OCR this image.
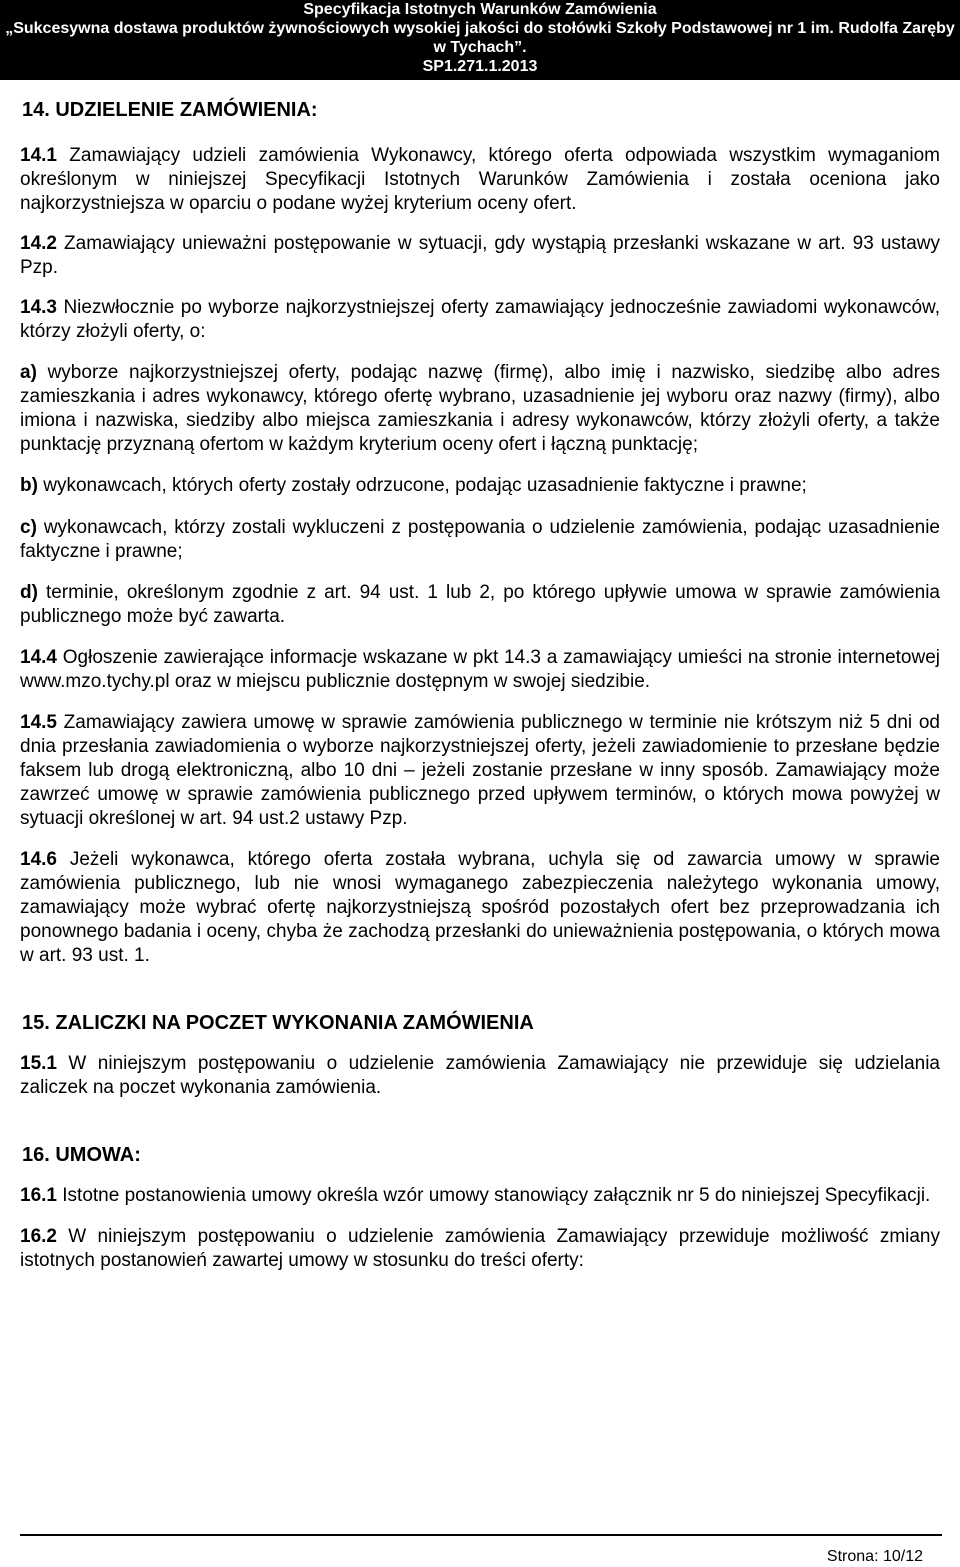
Specyfikacja Istotnych Warunków Zamówienia
„Sukcesywna dostawa produktów żywnościowych wysokiej jakości do stołówki Szkoły Podstawowej nr 1 im. Rudolfa Zaręby
w Tychach”.
SP1.271.1.2013
14. UDZIELENIE ZAMÓWIENIA:

14.1 Zamawiający udzieli zamówienia Wykonawcy, którego oferta odpowiada wszystkim wymaganiom określonym w niniejszej Specyfikacji Istotnych Warunków Zamówienia i została oceniona jako najkorzystniejsza w oparciu o podane wyżej kryterium oceny ofert.

14.2 Zamawiający unieważni postępowanie w sytuacji, gdy wystąpią przesłanki wskazane w art. 93 ustawy Pzp.

14.3 Niezwłocznie po wyborze najkorzystniejszej oferty zamawiający jednocześnie zawiadomi wykonawców, którzy złożyli oferty, o:

a) wyborze najkorzystniejszej oferty, podając nazwę (firmę), albo imię i nazwisko, siedzibę albo adres zamieszkania i adres wykonawcy, którego ofertę wybrano, uzasadnienie jej wyboru oraz nazwy (firmy), albo imiona i nazwiska, siedziby albo miejsca zamieszkania i adresy wykonawców, którzy złożyli oferty, a także punktację przyznaną ofertom w każdym kryterium oceny ofert i łączną punktację;

b) wykonawcach, których oferty zostały odrzucone, podając uzasadnienie faktyczne i prawne;

c) wykonawcach, którzy zostali wykluczeni z postępowania o udzielenie zamówienia, podając uzasadnienie faktyczne i prawne;

d) terminie, określonym zgodnie z art. 94 ust. 1 lub 2, po którego upływie umowa w sprawie zamówienia publicznego może być zawarta.

14.4 Ogłoszenie zawierające informacje wskazane w pkt 14.3 a zamawiający umieści na stronie internetowej www.mzo.tychy.pl oraz w miejscu publicznie dostępnym w swojej siedzibie.

14.5 Zamawiający zawiera umowę w sprawie zamówienia publicznego w terminie nie krótszym niż 5 dni od dnia przesłania zawiadomienia o wyborze najkorzystniejszej oferty, jeżeli zawiadomienie to przesłane będzie faksem lub drogą elektroniczną, albo 10 dni – jeżeli zostanie przesłane w inny sposób. Zamawiający może zawrzeć umowę w sprawie zamówienia publicznego przed upływem terminów, o których mowa powyżej w sytuacji określonej w art. 94 ust.2 ustawy Pzp.

14.6 Jeżeli wykonawca, którego oferta została wybrana, uchyla się od zawarcia umowy w sprawie zamówienia publicznego, lub nie wnosi wymaganego zabezpieczenia należytego wykonania umowy, zamawiający może wybrać ofertę najkorzystniejszą spośród pozostałych ofert bez przeprowadzania ich ponownego badania i oceny, chyba że zachodzą przesłanki do unieważnienia postępowania, o których mowa w art. 93 ust. 1.

15. ZALICZKI NA POCZET WYKONANIA ZAMÓWIENIA

15.1 W niniejszym postępowaniu o udzielenie zamówienia Zamawiający nie przewiduje się udzielania zaliczek na poczet wykonania zamówienia.

16. UMOWA:

16.1 Istotne postanowienia umowy określa wzór umowy stanowiący załącznik nr 5 do niniejszej Specyfikacji.

16.2 W niniejszym postępowaniu o udzielenie zamówienia Zamawiający przewiduje możliwość zmiany istotnych postanowień zawartej umowy w stosunku do treści oferty:

Strona: 10/12
